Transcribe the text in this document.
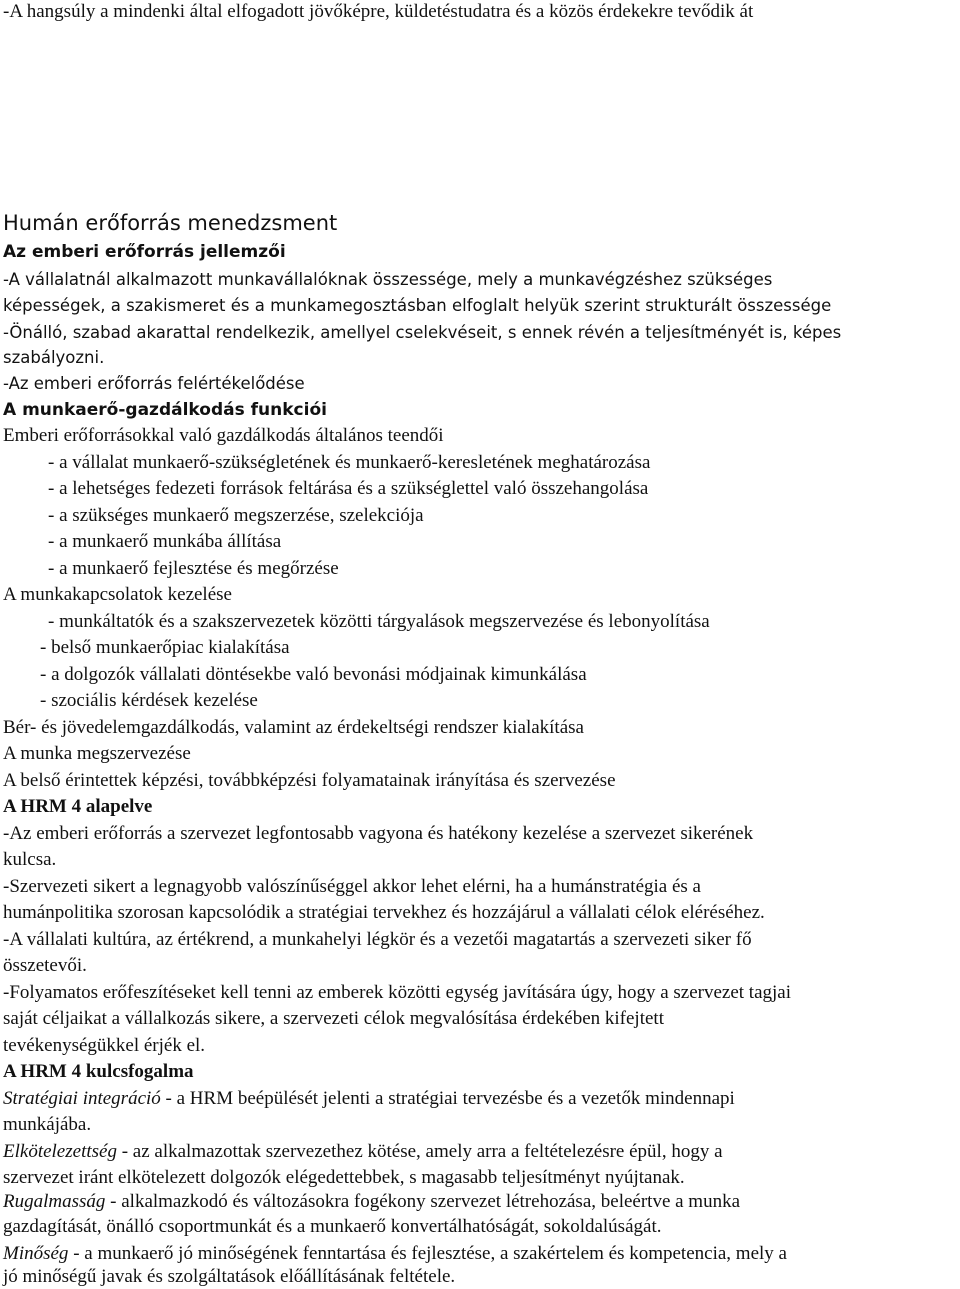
-A hangsúly a mindenki által elfogadott jövőképre, küldetéstudatra és a közös érdekekre tevődik át
Humán erőforrás menedzsment
Az emberi erőforrás jellemzői
-A vállalatnál alkalmazott munkavállalóknak összessége, mely a munkavégzéshez szükséges
képességek, a szakismeret és a munkamegosztásban elfoglalt helyük szerint strukturált összessége
-Önálló, szabad akarattal rendelkezik, amellyel cselekvéseit, s ennek révén a teljesítményét is, képes
szabályozni.
-Az emberi erőforrás felértékelődése
A munkaerő-gazdálkodás funkciói
Emberi erőforrásokkal való gazdálkodás általános teendői
- a vállalat munkaerő-szükségletének és munkaerő-keresletének meghatározása
- a lehetséges fedezeti források feltárása és a szükséglettel való összehangolása
- a szükséges munkaerő megszerzése, szelekciója
- a munkaerő munkába állítása
- a munkaerő fejlesztése és megőrzése
A munkakapcsolatok kezelése
- munkáltatók és a szakszervezetek közötti tárgyalások megszervezése és lebonyolítása
- belső munkaerőpiac kialakítása
- a dolgozók vállalati döntésekbe való bevonási módjainak kimunkálása
- szociális kérdések kezelése
Bér- és jövedelemgazdálkodás, valamint az érdekeltségi rendszer kialakítása
A munka megszervezése
A belső érintettek képzési, továbbképzési folyamatainak irányítása és szervezése
A HRM 4 alapelve
-Az emberi erőforrás a szervezet legfontosabb vagyona és hatékony kezelése a szervezet sikerének
kulcsa.
-Szervezeti sikert a legnagyobb valószínűséggel akkor lehet elérni, ha a humánstratégia és a
humánpolitika szorosan kapcsolódik a stratégiai tervekhez és hozzájárul a vállalati célok eléréséhez.
-A vállalati kultúra, az értékrend, a munkahelyi légkör és a vezetői magatartás a szervezeti siker fő
összetevői.
-Folyamatos erőfeszítéseket kell tenni az emberek közötti egység javítására úgy, hogy a szervezet tagjai
saját céljaikat a vállalkozás sikere, a szervezeti célok megvalósítása érdekében kifejtett
tevékenységükkel érjék el.
A HRM 4 kulcsfogalma
Stratégiai integráció - a HRM beépülését jelenti a stratégiai tervezésbe és a vezetők mindennapi
munkájába.
Elkötelezettség - az alkalmazottak szervezethez kötése, amely arra a feltételezésre épül, hogy a
szervezet iránt elkötelezett dolgozók elégedettebbek, s magasabb teljesítményt nyújtanak.
Rugalmasság - alkalmazkodó és változásokra fogékony szervezet létrehozása, beleértve a munka
gazdagítását, önálló csoportmunkát és a munkaerő konvertálhatóságát, sokoldalúságát.
Minőség - a munkaerő jó minőségének fenntartása és fejlesztése, a szakértelem és kompetencia, mely a
jó minőségű javak és szolgáltatások előállításának feltétele.
